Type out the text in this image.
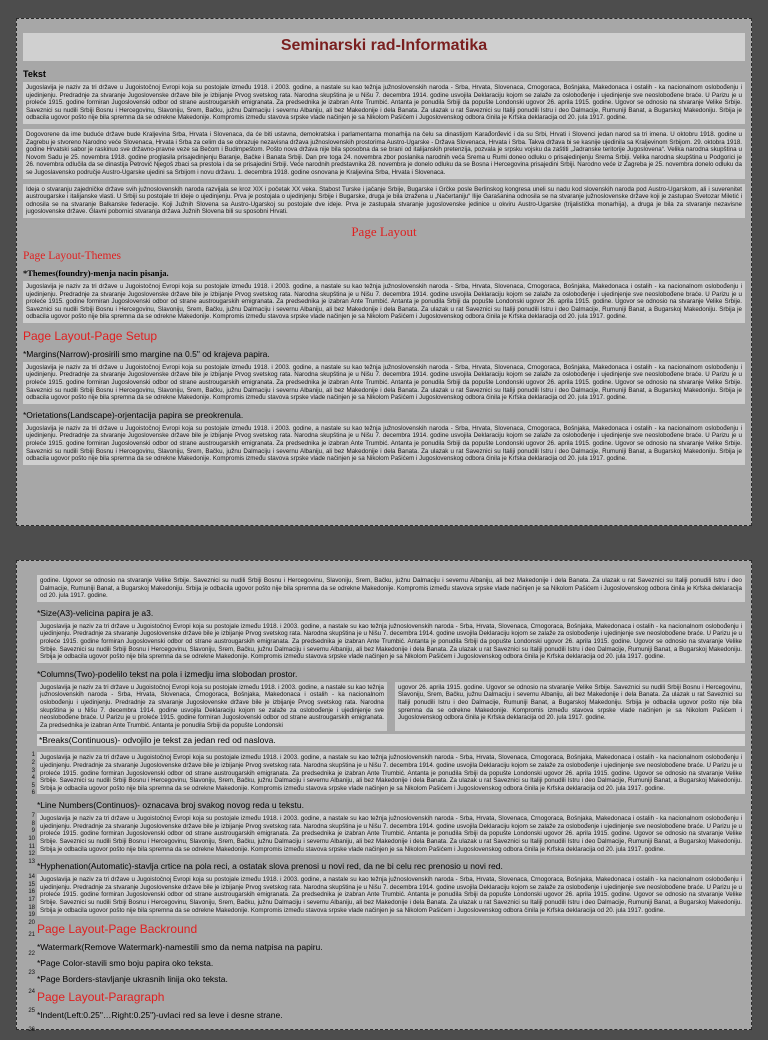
Seminarski rad-Informatika
Tekst
Jugoslavija je naziv za tri države u Jugoistočnoj Evropi koja su postojale između 1918. i 2003. godine, a nastale su kao težnja južnoslovenskih naroda - Srba, Hrvata, Slovenaca, Crnogoraca, Bošnjaka, Makedonaca i ostalih - ka nacionalnom oslobođenju i ujedinjenju. Predradnje za stvaranje Jugoslovenske države bile je izbijanje Prvog svetskog rata. Narodna skupština je u Nišu 7. decembra 1914. godine usvojila Deklaraciju kojom se zalaže za oslobođenje i ujedinjenje sve neoslobođene braće. U Parizu je u proleće 1915. godine formiran Jugoslovenski odbor od strane austrougarskih emigranata. Za predsednika je izabran Ante Trumbić. Antanta je ponudila Srbiji da popušte Londonski ugovor 26. aprila 1915. godine. Ugovor se odnosio na stvaranje Velike Srbije. Saveznici su nudili Srbiji Bosnu i Hercegovinu, Slavoniju, Srem, Bačku, južnu Dalmaciju i severnu Albaniju, ali bez Makedonije i dela Banata. Za ulazak u rat Saveznici su Italiji ponudili Istru i deo Dalmacije, Rumuniji Banat, a Bugarskoj Makedoniju. Srbija je odbacila ugovor pošto nije bila spremna da se odrekne Makedonije. Kompromis između stavova srpske vlade načinjen je sa Nikolom Pašićem i Jugoslovenskog odbora činila je Krfska deklaracija od 20. jula 1917. godine.
Dogovorene da ime buduće države bude Kraljevina Srba, Hrvata i Slovenaca, da će biti ustavna, demokratska i parlamentarna monarhija na čelu sa dinastijom Karađorđević i da su Srbi, Hrvati i Slovenci jedan narod sa tri imena. U oktobru 1918. godine u Zagrebu je stvoreno Narodno veće Slovenaca, Hrvata i Srba za celim da se obrazuje nezavisna država južnoslovenskih prostorima Austro-Ugarske - Država Slovenaca, Hrvata i Srba. Takva država bi se kasnije ujedinila sa Kraljevinom Srbijom. 29. oktobra 1918. godine Hrvatski sabor je raskinuo sve državno-pravne veze sa Bečom i Budimpeštom. Pošto nova država nije bila sposobna da se brani od italijanskih pretenzija, pozvala je srpsku vojsku da zaštiti „Jadranske teritorije Jugoslovena“. Velika narodna skupština u Novom Sadu je 25. novembra 1918. godine proglasila prisajedinjenju Baranje, Bačke i Banata Srbiji. Dan pre toga 24. novembra zbor poslanika narodnih veća Srema u Rumi doneo odluku o prisajedinjenju Srema Srbiji. Velika narodna skupština u Podgorici je 26. novembra odlučila da se dinastija Petrović Njegoš zbaci sa prestola i da se prisajedini Srbiji. Veće narodnih predstavnika 28. novembra je donelo odluku da se Bosna i Hercegovina prisajedini Srbiji. Narodno veće iz Zagreba je 25. novembra donelo odluku da se Jugoslavensko područje Austro-Ugarske ujedini sa Srbijom i novu državu. 1. decembra 1918. godine osnovana je Kraljevina Srba, Hrvata i Slovenaca.
Ideja o stvaranju zajedničke države svih južnoslovenskih naroda razvijala se kroz XIX i početak XX veka. Stabost Turske i jačanje Srbije, Bugarske i Grčke posle Berlinskog kongresa uneli su nadu kod slovenskih naroda pod Austro-Ugarskom, ali i suverenitet austrougarske i italijanske vlasti. U Srbiji su postojale tri ideje o ujedinjenju. Prva je postojala o ujedinjenju Srbije i Bugarske, druga je bila izražena u „Načertaniju“ Ilije Garašanina odnosila se na stvaranje južnoslovenske države koji je zastupao Svetozar Miletić i odnosila se na stvaranje Balkanske federacije. Koji Južnih Slovena sa Austro-Ugarskoj su postojale dve ideje. Prva je zastupala stvaranje jugoslovenske jedinice u okviru Austro-Ugarske (trijalistička monarhija), a druga je bila za stvaranje nezavisne jugoslovenske države. Glavni pobornici stvaranja država Južnih Slovena bili su sposobni Hrvati.
Page Layout
Page Layout-Themes
*Themes(foundry)-menja nacin pisanja.
Jugoslavija je naziv za tri države u Jugoistočnoj Evropi koja su postojale između 1918. i 2003. godine, a nastale su kao težnja južnoslovenskih naroda - Srba, Hrvata, Slovenaca, Crnogoraca, Bošnjaka, Makedonaca i ostalih - ka nacionalnom oslobođenju i ujedinjenju. Predradnje za stvaranje Jugoslovenske države bile je izbijanje Prvog svetskog rata. Narodna skupština je u Nišu 7. decembra 1914. godine usvojila Deklaraciju kojom se zalaže za oslobođenje i ujedinjenje sve neoslobođene braće. U Parizu je u proleće 1915. godine formiran Jugoslovenski odbor od strane austrougarskih emigranata. Za predsednika je izabran Ante Trumbić. Antanta je ponudila Srbiji da popušte Londonski ugovor 26. aprila 1915. godine. Ugovor se odnosio na stvaranje Velike Srbije. Saveznici su nudili Srbiji Bosnu i Hercegovinu, Slavoniju, Srem, Bačku, južnu Dalmaciju i severnu Albaniju, ali bez Makedonije i dela Banata. Za ulazak u rat Saveznici su Italiji ponudili Istru i deo Dalmacije, Rumuniji Banat, a Bugarskoj Makedoniju. Srbija je odbacila ugovor pošto nije bila spremna da se odrekne Makedonije. Kompromis između stavova srpske vlade načinjen je sa Nikolom Pašićem i Jugoslovenskog odbora činila je Krfska deklaracija od 20. jula 1917. godine.
Page Layout-Page Setup
*Margins(Narrow)-prosirili smo margine na 0.5" od krajeva papira.
Jugoslavija je naziv za tri države u Jugoistočnoj Evropi koja su postojale između 1918. i 2003. godine, a nastale su kao težnja južnoslovenskih naroda - Srba, Hrvata, Slovenaca, Crnogoraca, Bošnjaka, Makedonaca i ostalih - ka nacionalnom oslobođenju i ujedinjenju. Predradnje za stvaranje Jugoslovenske države bile je izbijanje Prvog svetskog rata. Narodna skupština je u Nišu 7. decembra 1914. godine usvojila Deklaraciju kojom se zalaže za oslobođenje i ujedinjenje sve neoslobođene braće. U Parizu je u proleće 1915. godine formiran Jugoslovenski odbor od strane austrougarskih emigranata. Za predsednika je izabran Ante Trumbić. Antanta je ponudila Srbiji da popušte Londonski ugovor 26. aprila 1915. godine. Ugovor se odnosio na stvaranje Velike Srbije. Saveznici su nudili Srbiji Bosnu i Hercegovinu, Slavoniju, Srem, Bačku, južnu Dalmaciju i severnu Albaniju, ali bez Makedonije i dela Banata. Za ulazak u rat Saveznici su Italiji ponudili Istru i deo Dalmacije, Rumuniji Banat, a Bugarskoj Makedoniju. Srbija je odbacila ugovor pošto nije bila spremna da se odrekne Makedonije. Kompromis između stavova srpske vlade načinjen je sa Nikolom Pašićem i Jugoslovenskog odbora činila je Krfska deklaracija od 20. jula 1917. godine.
*Orietations(Landscape)-orjentacija papira se preokrenula.
Jugoslavija je naziv za tri države u Jugoistočnoj Evropi koja su postojale između 1918. i 2003. godine, a nastale su kao težnja južnoslovenskih naroda - Srba, Hrvata, Slovenaca, Crnogoraca, Bošnjaka, Makedonaca i ostalih - ka nacionalnom oslobođenju i ujedinjenju. Predradnje za stvaranje Jugoslovenske države bile je izbijanje Prvog svetskog rata. Narodna skupština je u Nišu 7. decembra 1914. godine usvojila Deklaraciju kojom se zalaže za oslobođenje i ujedinjenje sve neoslobođene braće. U Parizu je u proleće 1915. godine formiran Jugoslovenski odbor od strane austrougarskih emigranata. Za predsednika je izabran Ante Trumbić. Antanta je ponudila Srbiji da popušte Londonski ugovor 26. aprila 1915. godine. Ugovor se odnosio na stvaranje Velike Srbije. Saveznici su nudili Srbiji Bosnu i Hercegovinu, Slavoniju, Srem, Bačku, južnu Dalmaciju i severnu Albaniju, ali bez Makedonije i dela Banata. Za ulazak u rat Saveznici su Italiji ponudili Istru i deo Dalmacije, Rumuniji Banat, a Bugarskoj Makedoniju. Srbija je odbacila ugovor pošto nije bila spremna da se odrekne Makedonije. Kompromis između stavova srpske vlade načinjen je sa Nikolom Pašićem i Jugoslovenskog odbora činila je Krfska deklaracija od 20. jula 1917. godine.
godine. Ugovor se odnosio na stvaranje Velike Srbije. Saveznici su nudili Srbiji Bosnu i Hercegovinu, Slavoniju, Srem, Bačku, južnu Dalmaciju i severnu Albaniju, ali bez Makedonije i dela Banata. Za ulazak u rat Saveznici su Italiji ponudili Istru i deo Dalmacije, Rumuniji Banat, a Bugarskoj Makedoniju. Srbija je odbacila ugovor pošto nije bila spremna da se odrekne Makedonije. Kompromis između stavova srpske vlade načinjen je sa Nikolom Pašićem i Jugoslovenskog odbora činila je Krfska deklaracija od 20. jula 1917. godine.
*Size(A3)-velicina papira je a3.
Jugoslavija je naziv za tri države u Jugoistočnoj Evropi koja su postojale između 1918. i 2003. godine, a nastale su kao težnja južnoslovenskih naroda - Srba, Hrvata, Slovenaca, Crnogoraca, Bošnjaka, Makedonaca i ostalih - ka nacionalnom oslobođenju i ujedinjenju. Predradnje za stvaranje Jugoslovenske države bile je izbijanje Prvog svetskog rata. Narodna skupština je u Nišu 7. decembra 1914. godine usvojila Deklaraciju kojom se zalaže za oslobođenje i ujedinjenje sve neoslobođene braće. U Parizu je u proleće 1915. godine formiran Jugoslovenski odbor od strane austrougarskih emigranata. Za predsednika je izabran Ante Trumbić. Antanta je ponudila Srbiji da popušte Londonski ugovor 26. aprila 1915. godine. Ugovor se odnosio na stvaranje Velike Srbije. Saveznici su nudili Srbiji Bosnu i Hercegovinu, Slavoniju, Srem, Bačku, južnu Dalmaciju i severnu Albaniju, ali bez Makedonije i dela Banata. Za ulazak u rat Saveznici su Italiji ponudili Istru i deo Dalmacije, Rumuniji Banat, a Bugarskoj Makedoniju. Srbija je odbacila ugovor pošto nije bila spremna da se odrekne Makedonije. Kompromis između stavova srpske vlade načinjen je sa Nikolom Pašićem i Jugoslovenskog odbora činila je Krfska deklaracija od 20. jula 1917. godine.
*Columns(Two)-podelilo tekst na pola i izmedju ima slobodan prostor.
Jugoslavija je naziv za tri države u Jugoistočnoj Evropi koja su postojale između 1918. i 2003. godine, a nastale su kao težnja južnoslovenskih naroda - Srba, Hrvata, Slovenaca, Crnogoraca, Bošnjaka, Makedonaca i ostalih - ka nacionalnom oslobođenju i ujedinjenju. Predradnje za stvaranje Jugoslovenske države bile je izbijanje Prvog svetskog rata. Narodna skupština je u Nišu 7. decembra 1914. godine usvojila Deklaraciju kojom se zalaže za oslobođenje i ujedinjenje sve neoslobođene braće. U Parizu je u proleće 1915. godine formiran Jugoslovenski odbor od strane austrougarskih emigranata. Za predsednika je izabran Ante Trumbić. Antanta je ponudila Srbiji da popušte Londonski
ugovor 26. aprila 1915. godine. Ugovor se odnosio na stvaranje Velike Srbije. Saveznici su nudili Srbiji Bosnu i Hercegovinu, Slavoniju, Srem, Bačku, južnu Dalmaciju i severnu Albaniju, ali bez Makedonije i dela Banata. Za ulazak u rat Saveznici su Italiji ponudili Istru i deo Dalmacije, Rumuniji Banat, a Bugarskoj Makedoniju. Srbija je odbacila ugovor pošto nije bila spremna da se odrekne Makedonije. Kompromis između stavova srpske vlade načinjen je sa Nikolom Pašićem i Jugoslovenskog odbora činila je Krfska deklaracija od 20. jula 1917. godine.
*Breaks(Continuous)- odvojilo je tekst za jedan red od naslova.
1
2
3
4
5
6
Jugoslavija je naziv za tri države u Jugoistočnoj Evropi koja su postojale između 1918. i 2003. godine, a nastale su kao težnja južnoslovenskih naroda - Srba, Hrvata, Slovenaca, Crnogoraca, Bošnjaka, Makedonaca i ostalih - ka nacionalnom oslobođenju i ujedinjenju. Predradnje za stvaranje Jugoslovenske države bile je izbijanje Prvog svetskog rata. Narodna skupština je u Nišu 7. decembra 1914. godine usvojila Deklaraciju kojom se zalaže za oslobođenje i ujedinjenje sve neoslobođene braće. U Parizu je u proleće 1915. godine formiran Jugoslovenski odbor od strane austrougarskih emigranata. Za predsednika je izabran Ante Trumbić. Antanta je ponudila Srbiji da popušte Londonski ugovor 26. aprila 1915. godine. Ugovor se odnosio na stvaranje Velike Srbije. Saveznici su nudili Srbiji Bosnu i Hercegovinu, Slavoniju, Srem, Bačku, južnu Dalmaciju i severnu Albaniju, ali bez Makedonije i dela Banata. Za ulazak u rat Saveznici su Italiji ponudili Istru i deo Dalmacije, Rumuniji Banat, a Bugarskoj Makedoniju. Srbija je odbacila ugovor pošto nije bila spremna da se odrekne Makedonije. Kompromis između stavova srpske vlade načinjen je sa Nikolom Pašićem i Jugoslovenskog odbora činila je Krfska deklaracija od 20. jula 1917. godine.
*Line Numbers(Continuos)- oznacava broj svakog novog reda u tekstu.
7
8
9
10
11
12
13
Jugoslavija je naziv za tri države u Jugoistočnoj Evropi koja su postojale između 1918. i 2003. godine, a nastale su kao težnja južnoslovenskih naroda - Srba, Hrvata, Slovenaca, Crnogoraca, Bošnjaka, Makedonaca i ostalih - ka nacionalnom oslobođenju i ujedinjenju. Predradnje za stvaranje Jugoslovenske države bile je izbijanje Prvog svetskog rata. Narodna skupština je u Nišu 7. decembra 1914. godine usvojila Deklaraciju kojom se zalaže za oslobođenje i ujedinjenje sve neoslobođene braće. U Parizu je u proleće 1915. godine formiran Jugoslovenski odbor od strane austrougarskih emigranata. Za predsednika je izabran Ante Trumbić. Antanta je ponudila Srbiji da popušte Londonski ugovor 26. aprila 1915. godine. Ugovor se odnosio na stvaranje Velike Srbije. Saveznici su nudili Srbiji Bosnu i Hercegovinu, Slavoniju, Srem, Bačku, južnu Dalmaciju i severnu Albaniju, ali bez Makedonije i dela Banata. Za ulazak u rat Saveznici su Italiji ponudili Istru i deo Dalmacije, Rumuniji Banat, a Bugarskoj Makedoniju. Srbija je odbacila ugovor pošto nije bila spremna da se odrekne Makedonije. Kompromis između stavova srpske vlade načinjen je sa Nikolom Pašićem i Jugoslovenskog odbora činila je Krfska deklaracija od 20. jula 1917. godine.
*Hyphenation(Automatic)-stavlja crtice na pola reci, a ostatak slova prenosi u novi red, da ne bi celu rec prenosio u novi red.
14
15
16
17
18
19
20
Jugoslavija je naziv za tri države u Jugoistočnoj Evropi koja su postojale između 1918. i 2003. godine, a nastale su kao težnja južnoslovenskih naroda - Srba, Hrvata, Slovenaca, Crnogoraca, Bošnjaka, Makedonaca i ostalih - ka nacionalnom oslobođenju i ujedinjenju. Predradnje za stvaranje Jugoslovenske države bile je izbijanje Prvog svetskog rata. Narodna skupština je u Nišu 7. decembra 1914. godine usvojila Deklaraciju kojom se zalaže za oslobođenje i ujedinjenje sve neoslobođene braće. U Parizu je u proleće 1915. godine formiran Jugoslovenski odbor od strane austrougarskih emigranata. Za predsednika je izabran Ante Trumbić. Antanta je ponudila Srbiji da popušte Londonski ugovor 26. aprila 1915. godine. Ugovor se odnosio na stvaranje Velike Srbije. Saveznici su nudili Srbiji Bosnu i Hercegovinu, Slavoniju, Srem, Bačku, južnu Dalmaciju i severnu Albaniju, ali bez Makedonije i dela Banata. Za ulazak u rat Saveznici su Italiji ponudili Istru i deo Dalmacije, Rumuniji Banat, a Bugarskoj Makedoniju. Srbija je odbacila ugovor pošto nije bila spremna da se odrekne Makedonije. Kompromis između stavova srpske vlade načinjen je sa Nikolom Pašićem i Jugoslovenskog odbora činila je Krfska deklaracija od 20. jula 1917. godine.
21
22
23
24
25
26
Page Layout-Page Backround
*Watermark(Remove Watermark)-namestili smo da nema natpisa na papiru.
*Page Color-stavili smo boju papira oko teksta.
*Page Borders-stavljanje ukrasnih linija oko teksta.
Page Layout-Paragraph
*Indent(Left:0.25"…Right:0.25")-uvlaci red sa leve i desne strane.
